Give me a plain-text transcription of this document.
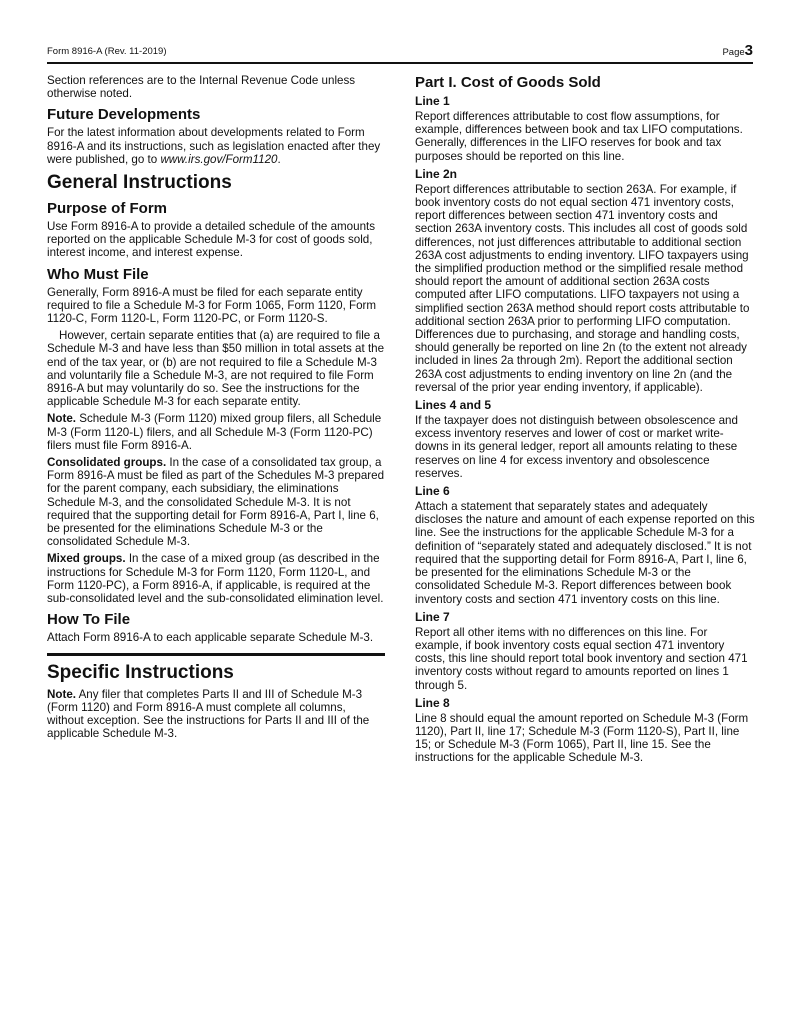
Form 8916-A (Rev. 11-2019)	Page3

Section references are to the Internal Revenue Code unless otherwise noted.

Future Developments

For the latest information about developments related to Form 8916-A and its instructions, such as legislation enacted after they were published, go to www.irs.gov/Form1120.

General Instructions
Purpose of Form

Use Form 8916-A to provide a detailed schedule of the amounts reported on the applicable Schedule M-3 for cost of goods sold, interest income, and interest expense.

Who Must File

Generally, Form 8916-A must be filed for each separate entity required to file a Schedule M-3 for Form 1065, Form 1120, Form 1120-C, Form 1120-L, Form 1120-PC, or Form 1120-S.

However, certain separate entities that (a) are required to file a Schedule M-3 and have less than $50 million in total assets at the end of the tax year, or (b) are not required to file a Schedule M-3 and voluntarily file a Schedule M-3, are not required to file Form 8916-A but may voluntarily do so. See the instructions for the applicable Schedule M-3 for each separate entity.

Note. Schedule M-3 (Form 1120) mixed group filers, all Schedule M-3 (Form 1120-L) filers, and all Schedule M-3 (Form 1120-PC) filers must file Form 8916-A.

Consolidated groups. In the case of a consolidated tax group, a Form 8916-A must be filed as part of the Schedules M-3 prepared for the parent company, each subsidiary, the eliminations Schedule M-3, and the consolidated Schedule M-3. It is not required that the supporting detail for Form 8916-A, Part I, line 6, be presented for the eliminations Schedule M-3 or the consolidated Schedule M-3.

Mixed groups. In the case of a mixed group (as described in the instructions for Schedule M-3 for Form 1120, Form 1120-L, and Form 1120-PC), a Form 8916-A, if applicable, is required at the sub-consolidated level and the sub-consolidated elimination level.

How To File

Attach Form 8916-A to each applicable separate Schedule M-3.

Specific Instructions

Note. Any filer that completes Parts II and III of Schedule M-3 (Form 1120) and Form 8916-A must complete all columns, without exception. See the instructions for Parts II and III of the applicable Schedule M-3.

Part I. Cost of Goods Sold
Line 1

Report differences attributable to cost flow assumptions, for example, differences between book and tax LIFO computations. Generally, differences in the LIFO reserves for book and tax purposes should be reported on this line.

Line 2n

Report differences attributable to section 263A. For example, if book inventory costs do not equal section 471 inventory costs, report differences between section 471 inventory costs and section 263A inventory costs. This includes all cost of goods sold differences, not just differences attributable to additional section 263A cost adjustments to ending inventory. LIFO taxpayers using the simplified production method or the simplified resale method should report the amount of additional section 263A costs computed after LIFO computations. LIFO taxpayers not using a simplified section 263A method should report costs attributable to additional section 263A prior to performing LIFO computation. Differences due to purchasing, and storage and handling costs, should generally be reported on line 2n (to the extent not already included in lines 2a through 2m). Report the additional section 263A cost adjustments to ending inventory on line 2n (and the reversal of the prior year ending inventory, if applicable).

Lines 4 and 5

If the taxpayer does not distinguish between obsolescence and excess inventory reserves and lower of cost or market write-downs in its general ledger, report all amounts relating to these reserves on line 4 for excess inventory and obsolescence reserves.

Line 6

Attach a statement that separately states and adequately discloses the nature and amount of each expense reported on this line. See the instructions for the applicable Schedule M-3 for a definition of “separately stated and adequately disclosed.” It is not required that the supporting detail for Form 8916-A, Part I, line 6, be presented for the eliminations Schedule M-3 or the consolidated Schedule M-3. Report differences between book inventory costs and section 471 inventory costs on this line.

Line 7

Report all other items with no differences on this line. For example, if book inventory costs equal section 471 inventory costs, this line should report total book inventory and section 471 inventory costs without regard to amounts reported on lines 1 through 5.

Line 8

Line 8 should equal the amount reported on Schedule M-3 (Form 1120), Part II, line 17; Schedule M-3 (Form 1120-S), Part II, line 15; or Schedule M-3 (Form 1065), Part II, line 15. See the instructions for the applicable Schedule M-3.
